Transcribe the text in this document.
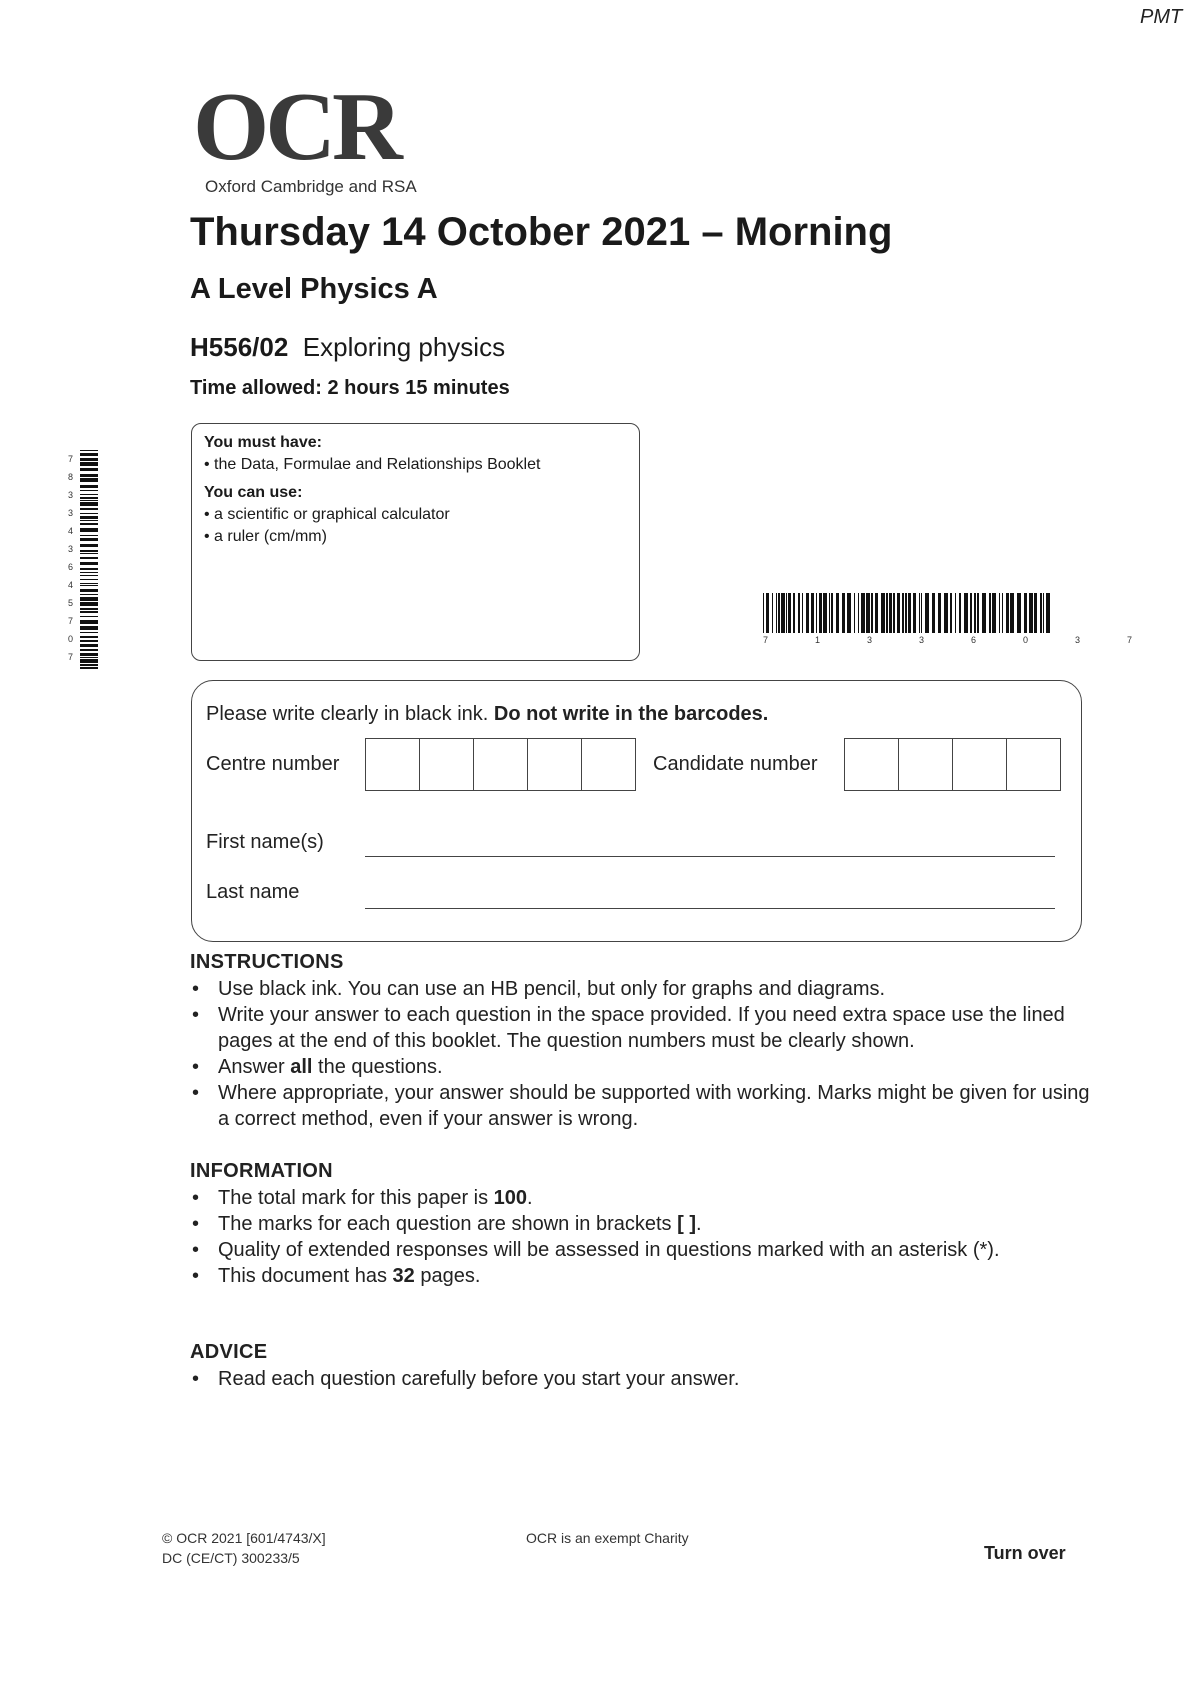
PMT
OCR
Oxford Cambridge and RSA
Thursday 14 October 2021 – Morning
A Level Physics A
H556/02 Exploring physics
Time allowed: 2 hours 15 minutes
You must have:
• the Data, Formulae and Relationships Booklet
You can use:
• a scientific or graphical calculator
• a ruler (cm/mm)
7 8 3 3 4 3 6 4 5 7 0 7
7  1  3  3  6  0  3  7
Please write clearly in black ink. Do not write in the barcodes.
Centre number	Candidate number
First name(s)
Last name
INSTRUCTIONS
• Use black ink. You can use an HB pencil, but only for graphs and diagrams.
• Write your answer to each question in the space provided. If you need extra space use the lined pages at the end of this booklet. The question numbers must be clearly shown.
• Answer all the questions.
• Where appropriate, your answer should be supported with working. Marks might be given for using a correct method, even if your answer is wrong.
INFORMATION
• The total mark for this paper is 100.
• The marks for each question are shown in brackets [ ].
• Quality of extended responses will be assessed in questions marked with an asterisk (*).
• This document has 32 pages.
ADVICE
• Read each question carefully before you start your answer.
© OCR 2021 [601/4743/X]
DC (CE/CT) 300233/5
OCR is an exempt Charity
Turn over
